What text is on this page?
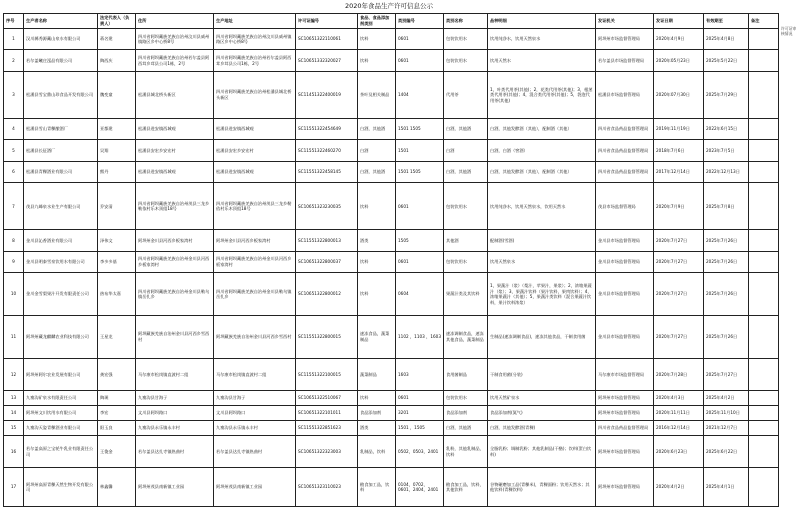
2020年食品生产许可信息公示
许可证审核情况
序号	生产者名称	法定代表人（负责人）	住所	生产地址	许可证编号	食品、食品添加剂类别	类别编号	类别名称	品种明细	发证机关	发证日期	有效期至	备注
1	汉川縣秀源藏山泉水有限公司	蒋名建	四川省阿坝藏族羌族自治州汶川县威州镇路区乡中心桥8号	四川省阿坝藏族羌族自治州汶川县威州镇路区乡中心桥8号	SC10651322110061	饮料	0601	包装饮用水	饮用纯净水，饮用天然泉水	阿坝州市场监督管理局	2020年4月9日	2025年4月8日	
2	若尔盖曦庄泓品有限公司	陶西庆	四川省阿坝藏族羌族自治州若尔盖县阿西茸乡茸县公司1栋，2号	四川省阿坝藏族羌族自治州若尔盖县阿西茸乡茸县公司1栋，2号	SC10651332320027	饮料	0601	包装饮用水	饮用天然水	若尔盖县市场监督管理局	2020年05月23日	2025年5月22日	
3	松潘县雪宝鼎山珍食品开发有限公司	魏变童	松潘县城北桥头新区	四川省阿坝藏族羌族自治州松潘县城北桥头新区	SC11451322400019	茶叶及相关制品	1404	代用茶	1，叶类代用茶(其他)；2，花类代用茶(其他)；3，根茎类代用茶(其他)；4，混合类代用茶(其他)；5，袋泡代用茶(其他)	松潘县市场监督管理局	2020年07月30日	2025年7月29日	
4	松潘县雪山青稞酿酒厂	亚都建	松潘县进安镇西城观	松潘县进安镇西城观	SC11551322454649	白酒，其他酒	1501 1505	白酒，其他酒	白酒，其他发酵酒（其他），配制酒（其他）	四川省食品药品监督管理局	2019年11月19日	2022年6月15日	
5	松潘县长征酒厂	吴翔	松潘县安宏乡安宏村	松潘县安宏乡安宏村	SC11551322460270	白酒	1501	白酒	白酒，白酒（窖酒）	四川省食品药品监督管理局	2018年7月6日	2023年7月5日	
6	松潘县青稞酒业有限公司	熊丹	松潘县进安镇西城观	松潘县进安镇西城观	SC11551322458145	白酒，其他酒	1501 1505	白酒，其他酒	白酒，其他发酵酒（其他），配制酒（其他）	四川省食品药品监督管理局	2017年12月14日	2022年12月13日	
7	茂县九峰泉水业生产有限公司	乔安清	四川省阿坝藏族羌族自治州茂县三龙乡勒依村乐木顶组18号	四川省阿坝藏族羌族自治州茂县三龙乡勒依村乐木顶组18号	SC10651323230035	饮料	0601	包装饮用水	饮用纯净水，饮用天然泉水，饮用天然水	茂县市场监督管理局	2020年7月9日	2025年7月8日	
8	金川县沁香酒业有限公司	泽伟文	阿坝州金川县河西乡板家湾村	阿坝州金川县河西乡板家湾村	SC11551322800013	酒类	1505	其他酒	配制酒(雪酒)	金川县市场监督管理局	2020年7月27日	2025年7月26日	
9	金川县明泰雪泉饮用水有限公司	李多多基	四川省阿坝藏族羌族自治州金川县河西乡板家湾村	四川省阿坝藏族羌族自治州金川县河西乡板家湾村	SC10651322800037	饮料	0601	包装饮用水	饮用天然泉水	金川县市场监督管理局	2020年7月27日	2025年7月26日	
10	金川金雪梨果汁开发有限责任公司	热布华太嘉	四川省阿坝藏族羌族自治州金川县勒乌镇岳扎乡	四川省阿坝藏族羌族自治州金川县勒乌镇岳扎乡	SC10651322800012	饮料	0604	果蔬汁类及其饮料	1，果蔬汁（浆）（梨汁，苹果汁，果浆）；2，浓缩果蔬汁（浆）；3，果蔬汁饮料（果汁饮料，果肉饮料）；4，浓缩果蔬汁（其他）；5，果蔬汁类饮料（混合果蔬汁饮料，果汁饮料浓浆）	金川县市场监督管理局	2020年7月27日	2025年7月26日	
11	阿坝州藏龙麒麟农业科技有限公司	王星龙	阿坝藏族羌族自治州金川县河西乡雪西村	阿坝藏族羌族自治州金川县河西乡雪西村	SC11551322800015	速冻食品，蔬菜制品	1102 ，1103 ，1603	速冻调制食品，速冻其他食品，蔬菜制品	生制品(速冻调制食品)，速冻其他食品，干制食用菌	金川县市场监督管理局	2020年7月27日	2025年7月26日	
12	阿坝州阿尔农业发展有限公司	龚宏强	马尔康市松岗镇直波村二组	马尔康市松岗镇直波村二组	SC11551322100015	蔬菜制品	1603	食用菌制品	干制食用菌(分装)	马尔康市市场监督管理局	2020年7月28日	2025年7月27日	
13	九寨沟矿泉水有限责任公司	陶瑛	九寨沟县甘海子	九寨沟县甘海子	SC10651322510067	饮料	0601	包装饮用水	饮用天然矿泉水	阿坝州市场监督管理局	2020年4月3日	2025年4月2日	
14	阿坝州文川饮用水有限公司	李宏	文川县阿坝路口	文川县阿坝路口	SC10651322101011	食品添加剂	3201	食品添加剂	食品添加剂(氮气)	阿坝州市场监督管理局	2020年11月11日	2025年11月10日	
15	九寨沟天姿青稞酒业有限公司	阳玉良	九寨沟县永乐镇永丰村	九寨沟县永乐镇永丰村	SC11551322851623	酒类	1501 ，1505	白酒，其他酒	白酒，其他发酵酒(青稞)	四川省食品药品监督管理局	2016年12月14日	2021年12月7日	
16	若尔盖高原之宝牦牛乳业有限责任公司	王俊金	若尔盖县达扎寺镇热曲村	若尔盖县达扎寺镇热曲村	SC10651322323003	乳制品，饮料	0502，0503，2401	乳粉，其他乳制品，饮料	全脂乳粉；调制乳粉；其他乳制品(干酪)；饮料(蛋白饮料)	阿坝州市场监督管理局	2020年6月23日	2025年6月22日	
17	阿坝州高原青稞天然生物开发有限公司	林鑫馨	阿坝州茂县南新镇工业园	阿坝州茂县南新镇工业园	SC10651323110023	粮食加工品，饮料	0104，0702，0601，2404，2401	粮食加工品，饮料，其他饮料	谷物碾磨加工品(青稞米)，青稞面粉；饮用天然水；其他饮料(青稞饮料)	阿坝州市场监督管理局	2020年4月2日	2025年4月1日	
